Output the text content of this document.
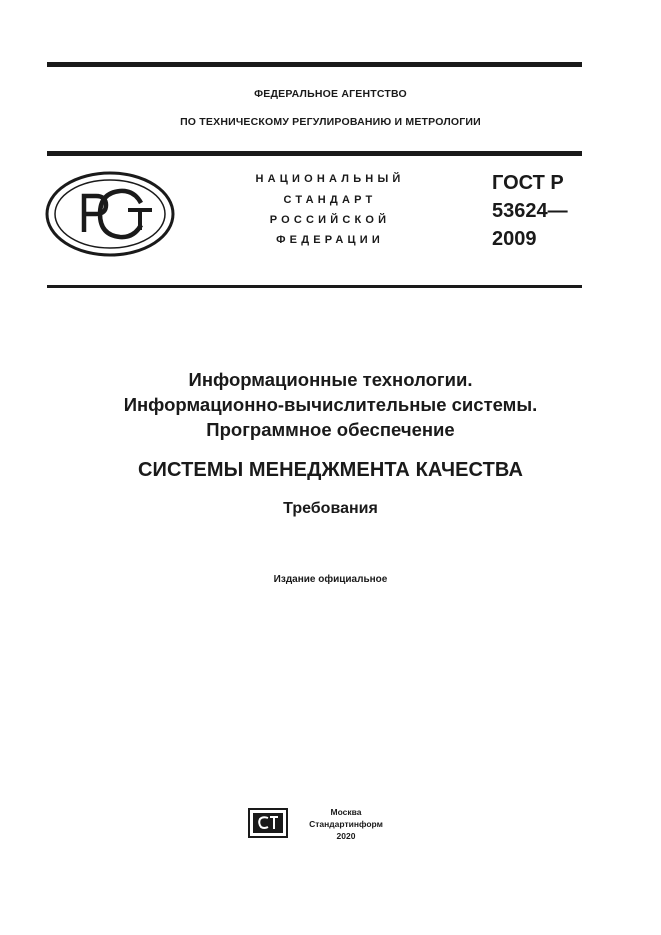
ФЕДЕРАЛЬНОЕ АГЕНТСТВО
ПО ТЕХНИЧЕСКОМУ РЕГУЛИРОВАНИЮ И МЕТРОЛОГИИ
НАЦИОНАЛЬНЫЙ
СТАНДАРТ
РОССИЙСКОЙ
ФЕДЕРАЦИИ
ГОСТ Р
53624—
2009
Информационные технологии.
Информационно-вычислительные системы.
Программное обеспечение
СИСТЕМЫ МЕНЕДЖМЕНТА КАЧЕСТВА
Требования
Издание официальное
Москва
Стандартинформ
2020
